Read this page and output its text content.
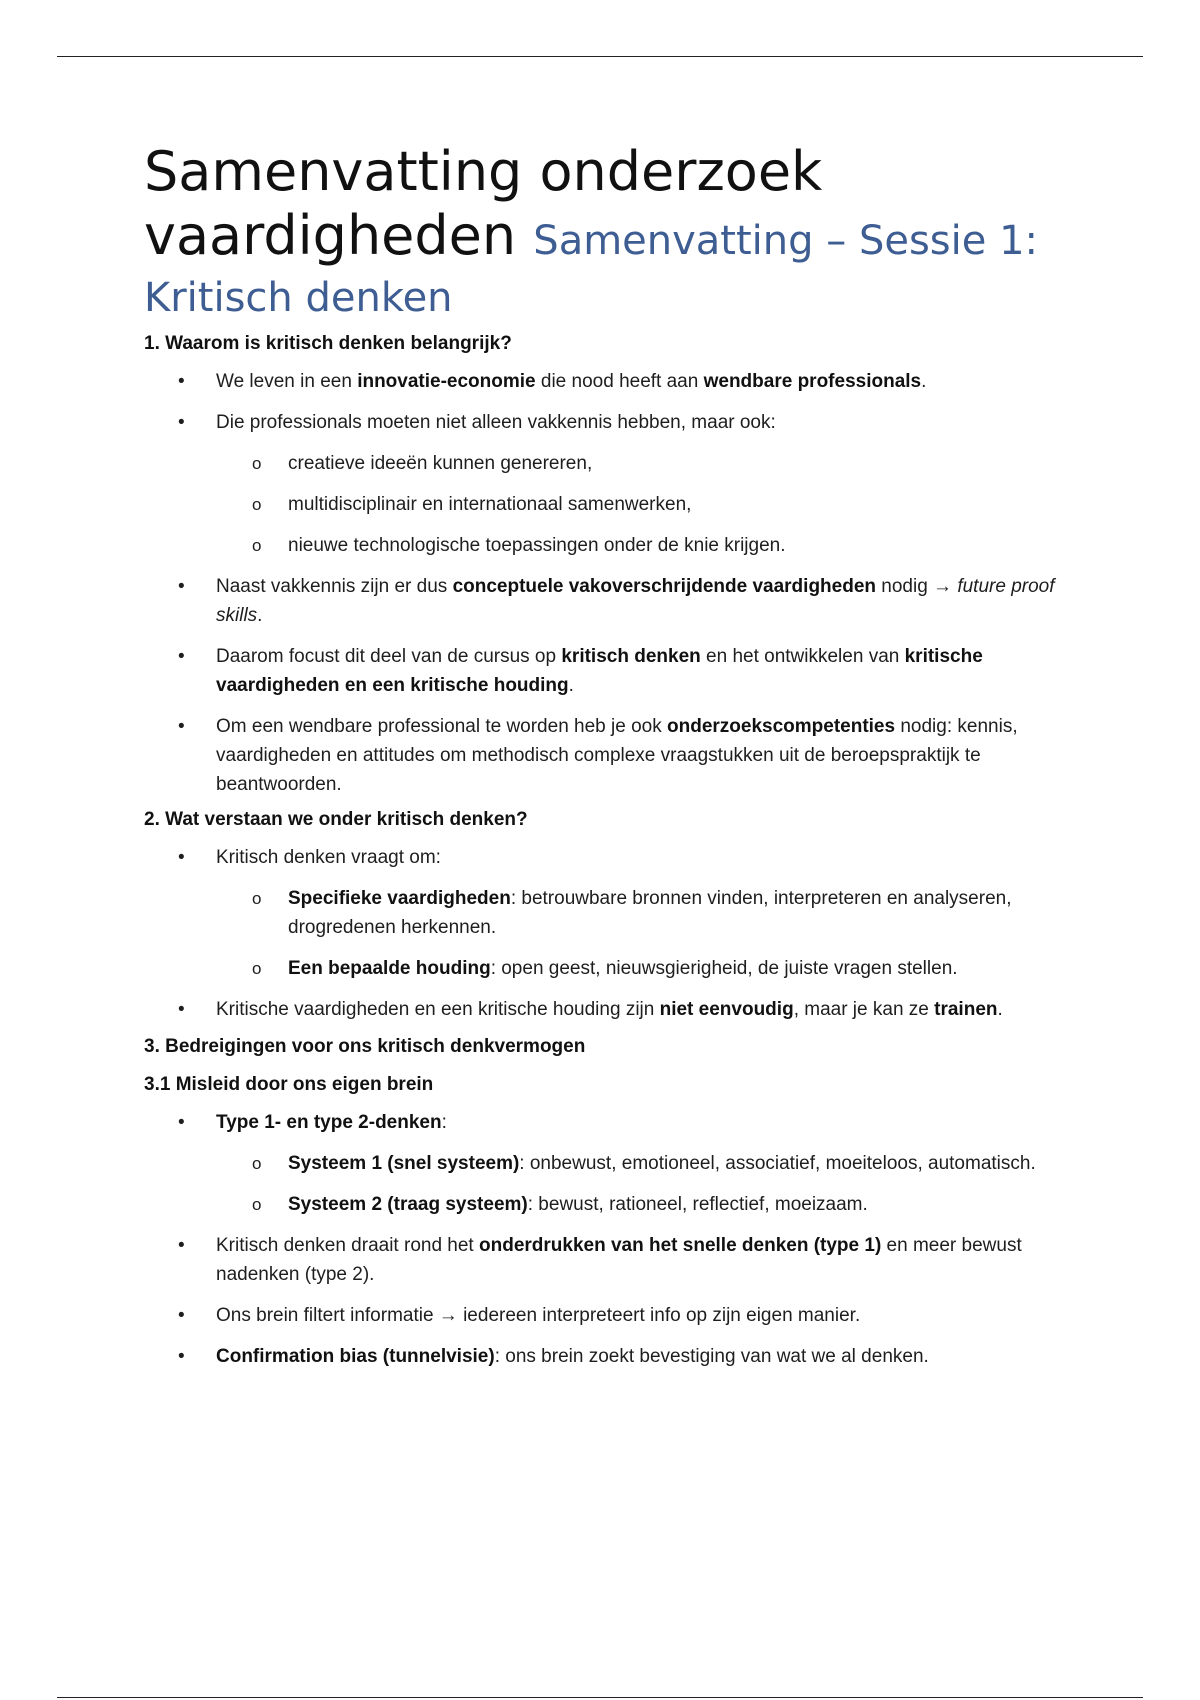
Samenvatting onderzoek
vaardigheden Samenvatting – Sessie 1:
Kritisch denken
1. Waarom is kritisch denken belangrijk?
• We leven in een innovatie-economie die nood heeft aan wendbare professionals.
• Die professionals moeten niet alleen vakkennis hebben, maar ook:
o creatieve ideeën kunnen genereren,
o multidisciplinair en internationaal samenwerken,
o nieuwe technologische toepassingen onder de knie krijgen.
• Naast vakkennis zijn er dus conceptuele vakoverschrijdende vaardigheden nodig → future proof skills.
• Daarom focust dit deel van de cursus op kritisch denken en het ontwikkelen van kritische vaardigheden en een kritische houding.
• Om een wendbare professional te worden heb je ook onderzoekscompetenties nodig: kennis, vaardigheden en attitudes om methodisch complexe vraagstukken uit de beroepspraktijk te beantwoorden.
2. Wat verstaan we onder kritisch denken?
• Kritisch denken vraagt om:
o Specifieke vaardigheden: betrouwbare bronnen vinden, interpreteren en analyseren, drogredenen herkennen.
o Een bepaalde houding: open geest, nieuwsgierigheid, de juiste vragen stellen.
• Kritische vaardigheden en een kritische houding zijn niet eenvoudig, maar je kan ze trainen.
3. Bedreigingen voor ons kritisch denkvermogen
3.1 Misleid door ons eigen brein
• Type 1- en type 2-denken:
o Systeem 1 (snel systeem): onbewust, emotioneel, associatief, moeiteloos, automatisch.
o Systeem 2 (traag systeem): bewust, rationeel, reflectief, moeizaam.
• Kritisch denken draait rond het onderdrukken van het snelle denken (type 1) en meer bewust nadenken (type 2).
• Ons brein filtert informatie → iedereen interpreteert info op zijn eigen manier.
• Confirmation bias (tunnelvisie): ons brein zoekt bevestiging van wat we al denken.
